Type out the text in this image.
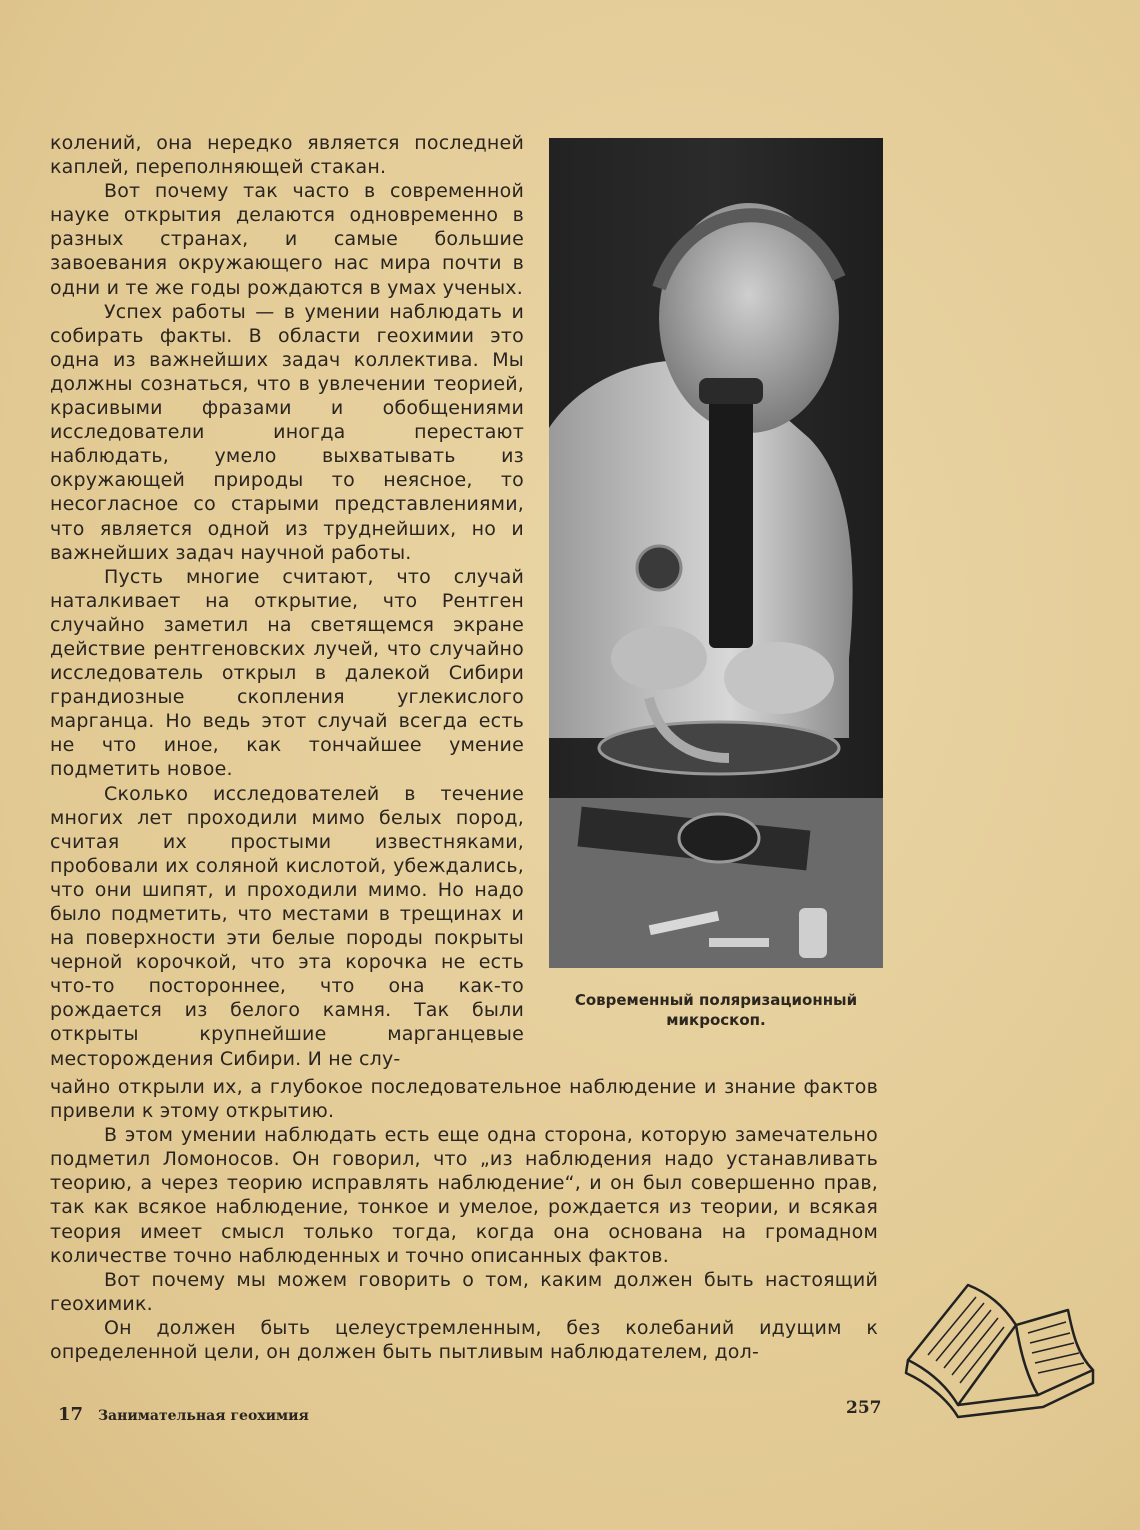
колений, она нередко является последней каплей, переполняющей стакан.

Вот почему так часто в современной науке открытия делаются одновременно в разных странах, и самые большие завоевания окружающего нас мира почти в одни и те же годы рождаются в умах ученых.

Успех работы — в умении наблюдать и собирать факты. В области геохимии это одна из важнейших задач коллектива. Мы должны сознаться, что в увлечении теорией, красивыми фразами и обобщениями исследователи иногда перестают наблюдать, умело выхватывать из окружающей природы то неясное, то несогласное со старыми представлениями, что является одной из труднейших, но и важнейших задач научной работы.

Пусть многие считают, что случай наталкивает на открытие, что Рентген случайно заметил на светящемся экране действие рентгеновских лучей, что случайно исследователь открыл в далекой Сибири грандиозные скопления углекислого марганца. Но ведь этот случай всегда есть не что иное, как тончайшее умение подметить новое.

Сколько исследователей в течение многих лет проходили мимо белых пород, считая их простыми известняками, пробовали их соляной кислотой, убеждались, что они шипят, и проходили мимо. Но надо было подметить, что местами в трещинах и на поверхности эти белые породы покрыты черной корочкой, что эта корочка не есть что-то постороннее, что она как-то рождается из белого камня. Так были открыты крупнейшие марганцевые месторождения Сибири. И не слу-

Современный поляризационный микроскоп.

чайно открыли их, а глубокое последовательное наблюдение и знание фактов привели к этому открытию.

В этом умении наблюдать есть еще одна сторона, которую замечательно подметил Ломоносов. Он говорил, что „из наблюдения надо устанавливать теорию, а через теорию исправлять наблюдение“, и он был совершенно прав, так как всякое наблюдение, тонкое и умелое, рождается из теории, и всякая теория имеет смысл только тогда, когда она основана на громадном количестве точно наблюденных и точно описанных фактов.

Вот почему мы можем говорить о том, каким должен быть настоящий геохимик.

Он должен быть целеустремленным, без колебаний идущим к определенной цели, он должен быть пытливым наблюдателем, дол-

17 Занимательная геохимия	257
